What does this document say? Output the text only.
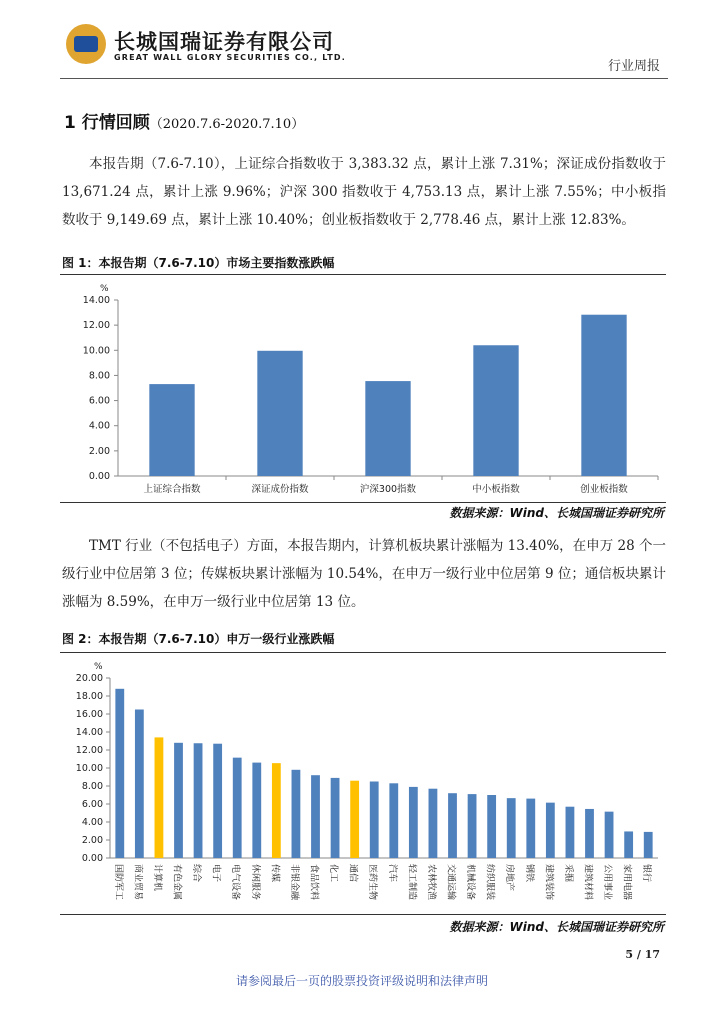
长城国瑞证券有限公司
GREAT WALL GLORY SECURITIES CO., LTD.
行业周报
1 行情回顾（2020.7.6-2020.7.10）
本报告期（7.6-7.10），上证综合指数收于 3,383.32 点，累计上涨 7.31%；深证成份指数收于 13,671.24 点，累计上涨 9.96%；沪深 300 指数收于 4,753.13 点，累计上涨 7.55%；中小板指数收于 9,149.69 点，累计上涨 10.40%；创业板指数收于 2,778.46 点，累计上涨 12.83%。
图 1：本报告期（7.6-7.10）市场主要指数涨跌幅
%
0.00
2.00
4.00
6.00
8.00
10.00
12.00
14.00
上证综合指数	深证成份指数	沪深300指数	中小板指数	创业板指数
数据来源：Wind、长城国瑞证券研究所
TMT 行业（不包括电子）方面，本报告期内，计算机板块累计涨幅为 13.40%，在申万 28 个一级行业中位居第 3 位；传媒板块累计涨幅为 10.54%，在申万一级行业中位居第 9 位；通信板块累计涨幅为 8.59%，在申万一级行业中位居第 13 位。
图 2：本报告期（7.6-7.10）申万一级行业涨跌幅
%
0.00
2.00
4.00
6.00
8.00
10.00
12.00
14.00
16.00
18.00
20.00
国防军工 商业贸易 计算机 有色金属 综合 电子 电气设备 休闲服务 传媒 非银金融 食品饮料 化工 通信 医药生物 汽车 轻工制造 农林牧渔 交通运输 机械设备 纺织服装 房地产 钢铁 建筑装饰 采掘 建筑材料 公用事业 家用电器 银行
数据来源：Wind、长城国瑞证券研究所
5 / 17
请参阅最后一页的股票投资评级说明和法律声明
